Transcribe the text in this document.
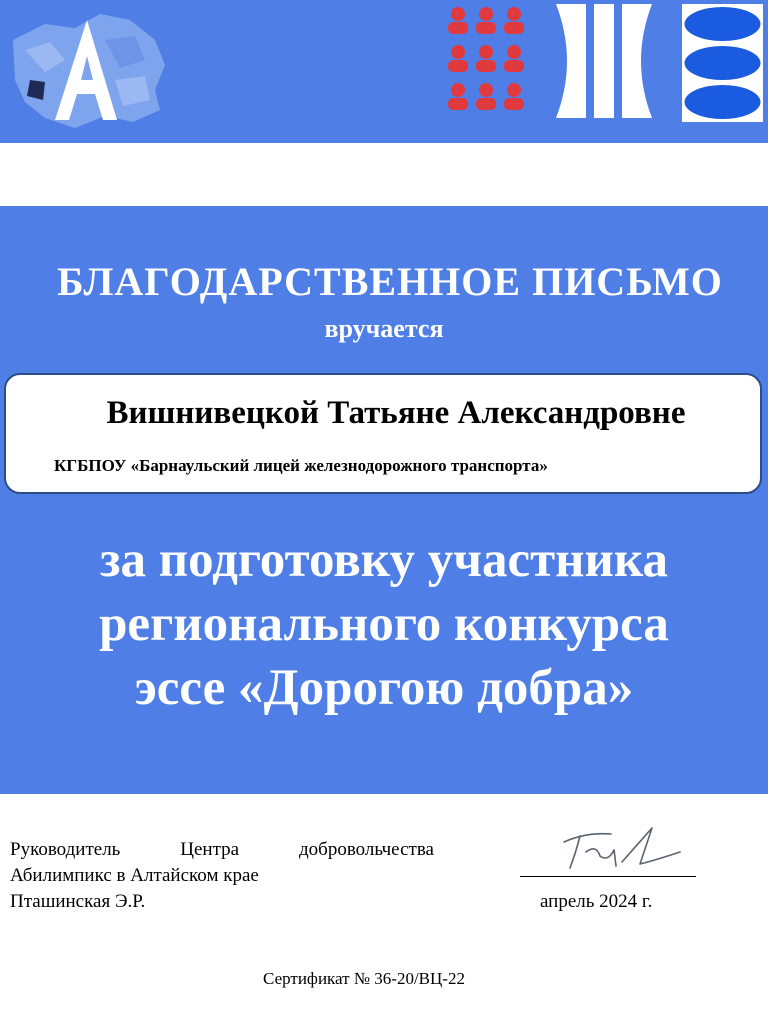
БЛАГОДАРСТВЕННОЕ ПИСЬМО
вручается
Вишнивецкой Татьяне Александровне
КГБПОУ «Барнаульский лицей железнодорожного транспорта»
за подготовку участника
регионального конкурса
эссе «Дорогою добра»
Руководитель	Центра	добровольчества
Абилимпикс в Алтайском крае
Пташинская Э.Р.	апрель 2024 г.
Сертификат № 36-20/ВЦ-22
